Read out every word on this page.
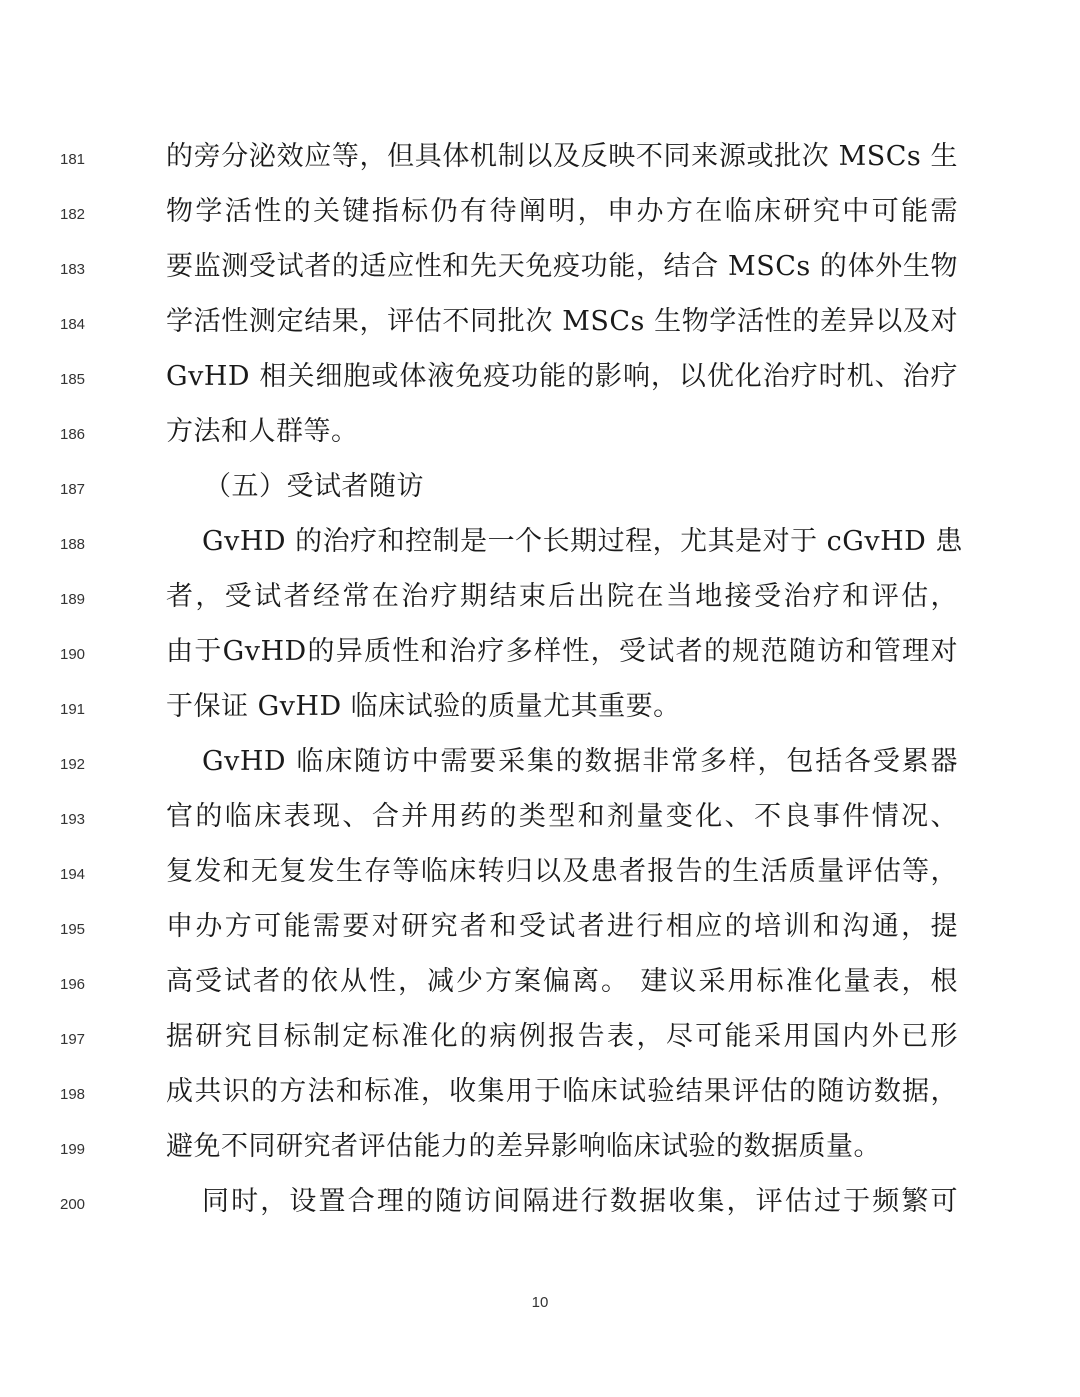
181	的旁分泌效应等，但具体机制以及反映不同来源或批次 MSCs 生
182	物学活性的关键指标仍有待阐明，申办方在临床研究中可能需
183	要监测受试者的适应性和先天免疫功能，结合 MSCs 的体外生物
184	学活性测定结果，评估不同批次 MSCs 生物学活性的差异以及对
185	GvHD 相关细胞或体液免疫功能的影响，以优化治疗时机、治疗
186	方法和人群等。
187	（五）受试者随访
188	GvHD 的治疗和控制是一个长期过程，尤其是对于 cGvHD 患
189	者，受试者经常在治疗期结束后出院在当地接受治疗和评估，
190	由于GvHD的异质性和治疗多样性，受试者的规范随访和管理对
191	于保证 GvHD 临床试验的质量尤其重要。
192	GvHD 临床随访中需要采集的数据非常多样，包括各受累器
193	官的临床表现、合并用药的类型和剂量变化、不良事件情况、
194	复发和无复发生存等临床转归以及患者报告的生活质量评估等，
195	申办方可能需要对研究者和受试者进行相应的培训和沟通，提
196	高受试者的依从性，减少方案偏离。 建议采用标准化量表，根
197	据研究目标制定标准化的病例报告表，尽可能采用国内外已形
198	成共识的方法和标准，收集用于临床试验结果评估的随访数据，
199	避免不同研究者评估能力的差异影响临床试验的数据质量。
200	同时，设置合理的随访间隔进行数据收集，评估过于频繁可
10
